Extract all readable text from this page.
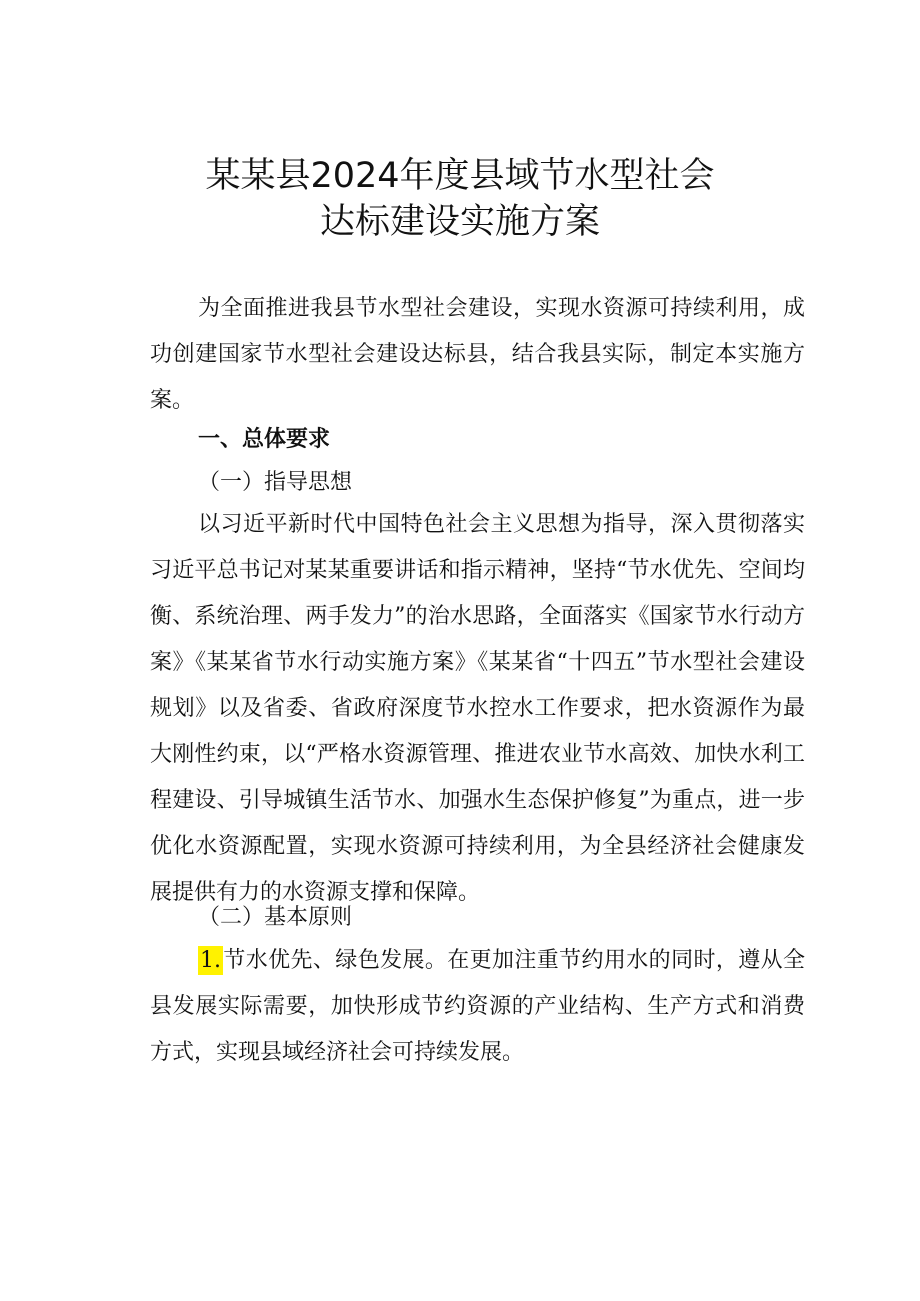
某某县2024年度县域节水型社会
达标建设实施方案

为全面推进我县节水型社会建设，实现水资源可持续利用，成功创建国家节水型社会建设达标县，结合我县实际，制定本实施方案。

一、总体要求
（一）指导思想

以习近平新时代中国特色社会主义思想为指导，深入贯彻落实习近平总书记对某某重要讲话和指示精神，坚持“节水优先、空间均衡、系统治理、两手发力”的治水思路，全面落实《国家节水行动方案》《某某省节水行动实施方案》《某某省“十四五”节水型社会建设规划》以及省委、省政府深度节水控水工作要求，把水资源作为最大刚性约束，以“严格水资源管理、推进农业节水高效、加快水利工程建设、引导城镇生活节水、加强水生态保护修复”为重点，进一步优化水资源配置，实现水资源可持续利用，为全县经济社会健康发展提供有力的水资源支撑和保障。

（二）基本原则

1.节水优先、绿色发展。在更加注重节约用水的同时，遵从全县发展实际需要，加快形成节约资源的产业结构、生产方式和消费方式，实现县域经济社会可持续发展。
